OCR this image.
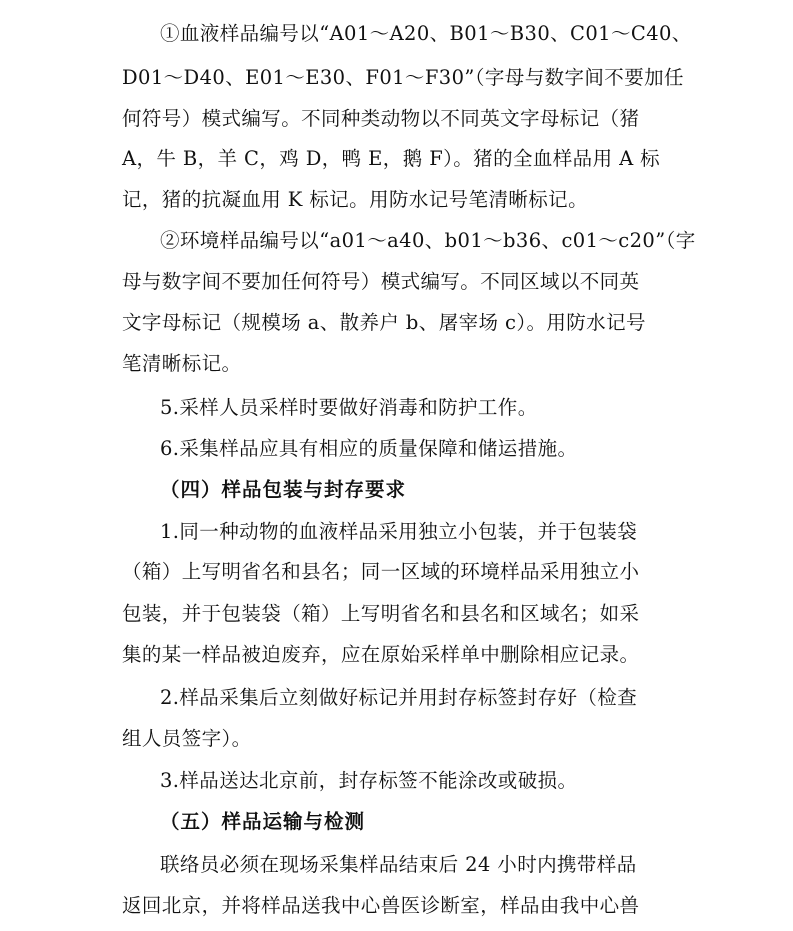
①血液样品编号以“A01～A20、B01～B30、C01～C40、
D01～D40、E01～E30、F01～F30”（字母与数字间不要加任
何符号）模式编写。不同种类动物以不同英文字母标记（猪
A，牛 B，羊 C，鸡 D，鸭 E，鹅 F）。猪的全血样品用 A 标
记，猪的抗凝血用 K 标记。用防水记号笔清晰标记。
②环境样品编号以“a01～a40、b01～b36、c01～c20”（字
母与数字间不要加任何符号）模式编写。不同区域以不同英
文字母标记（规模场 a、散养户 b、屠宰场 c）。用防水记号
笔清晰标记。
5.采样人员采样时要做好消毒和防护工作。
6.采集样品应具有相应的质量保障和储运措施。
（四）样品包装与封存要求
1.同一种动物的血液样品采用独立小包装，并于包装袋
（箱）上写明省名和县名；同一区域的环境样品采用独立小
包装，并于包装袋（箱）上写明省名和县名和区域名；如采
集的某一样品被迫废弃，应在原始采样单中删除相应记录。
2.样品采集后立刻做好标记并用封存标签封存好（检查
组人员签字）。
3.样品送达北京前，封存标签不能涂改或破损。
（五）样品运输与检测
联络员必须在现场采集样品结束后 24 小时内携带样品
返回北京，并将样品送我中心兽医诊断室，样品由我中心兽
